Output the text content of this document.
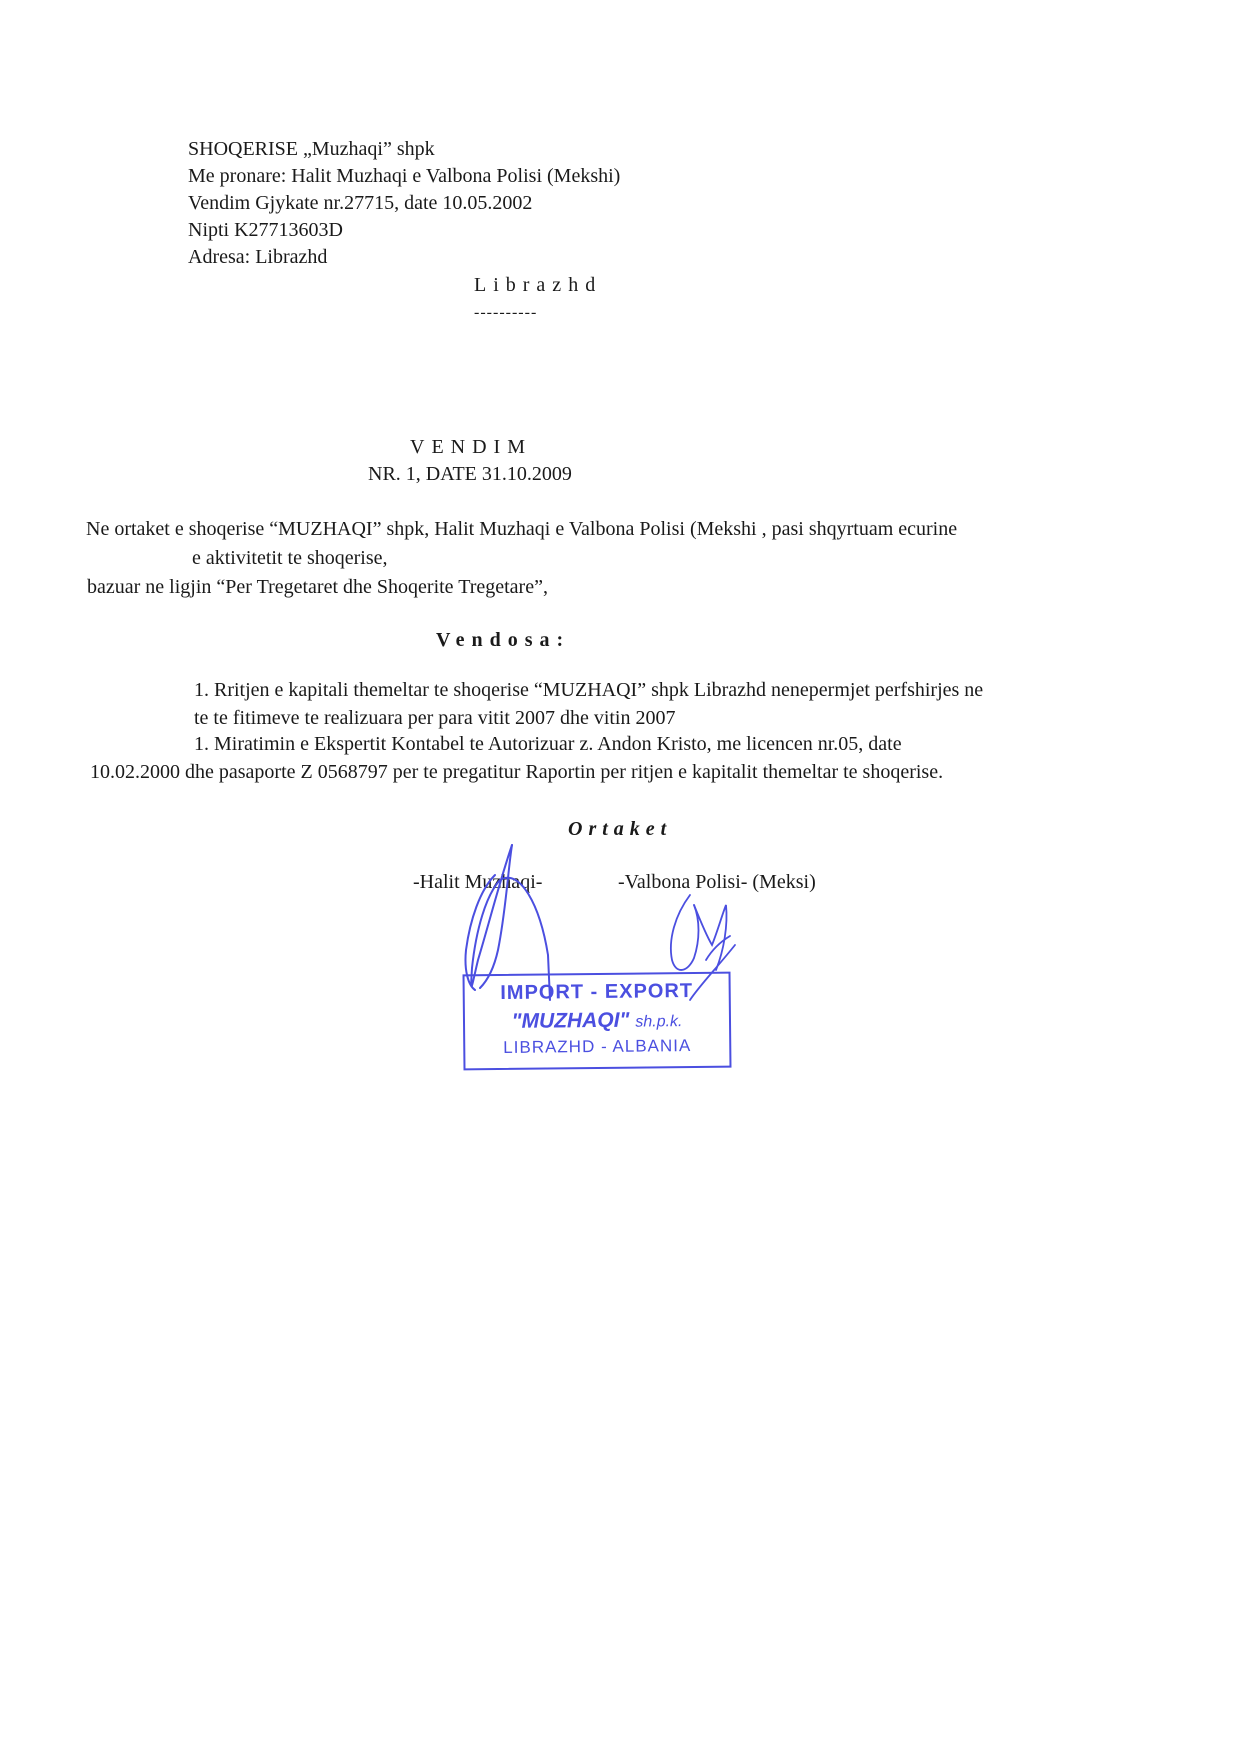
SHOQERISE „Muzhaqi” shpk
Me pronare: Halit Muzhaqi e Valbona Polisi (Mekshi)
Vendim Gjykate nr.27715, date 10.05.2002
Nipti K27713603D
Adresa: Librazhd
Librazhd
----------
VENDIM
NR. 1, DATE 31.10.2009
Ne ortaket e shoqerise “MUZHAQI” shpk, Halit Muzhaqi e Valbona Polisi (Mekshi , pasi shqyrtuam ecurine
e aktivitetit te shoqerise,
bazuar ne ligjin “Per Tregetaret dhe Shoqerite Tregetare”,
Vendosa:
1. Rritjen e kapitali themeltar te shoqerise “MUZHAQI” shpk Librazhd nenepermjet perfshirjes ne
te te fitimeve te realizuara per para vitit 2007 dhe vitin 2007
1. Miratimin e Ekspertit Kontabel te Autorizuar z. Andon Kristo, me licencen nr.05, date
10.02.2000 dhe pasaporte Z 0568797 per te pregatitur Raportin per ritjen e kapitalit themeltar te shoqerise.
Ortaket
-Halit Muzhaqi-	-Valbona Polisi- (Meksi)
IMPORT - EXPORT
"MUZHAQI" sh.p.k.
LIBRAZHD - ALBANIA
